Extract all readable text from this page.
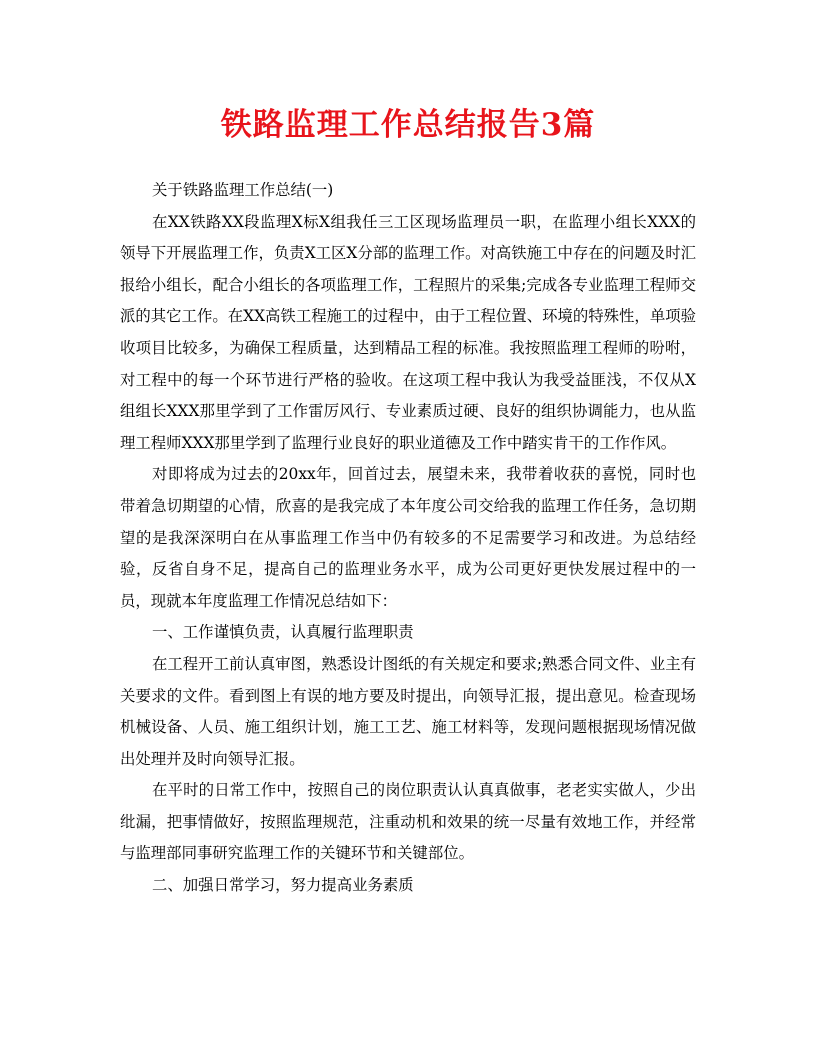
铁路监理工作总结报告3篇

关于铁路监理工作总结(一)

在XX铁路XX段监理X标X组我任三工区现场监理员一职，在监理小组长XXX的领导下开展监理工作，负责X工区X分部的监理工作。对高铁施工中存在的问题及时汇报给小组长，配合小组长的各项监理工作，工程照片的采集;完成各专业监理工程师交派的其它工作。在XX高铁工程施工的过程中，由于工程位置、环境的特殊性，单项验收项目比较多，为确保工程质量，达到精品工程的标准。我按照监理工程师的吩咐，对工程中的每一个环节进行严格的验收。在这项工程中我认为我受益匪浅，不仅从X组组长XXX那里学到了工作雷厉风行、专业素质过硬、良好的组织协调能力，也从监理工程师XXX那里学到了监理行业良好的职业道德及工作中踏实肯干的工作作风。

对即将成为过去的20xx年，回首过去，展望未来，我带着收获的喜悦，同时也带着急切期望的心情，欣喜的是我完成了本年度公司交给我的监理工作任务，急切期望的是我深深明白在从事监理工作当中仍有较多的不足需要学习和改进。为总结经验，反省自身不足，提高自己的监理业务水平，成为公司更好更快发展过程中的一员，现就本年度监理工作情况总结如下：

一、工作谨慎负责，认真履行监理职责

在工程开工前认真审图，熟悉设计图纸的有关规定和要求;熟悉合同文件、业主有关要求的文件。看到图上有误的地方要及时提出，向领导汇报，提出意见。检查现场机械设备、人员、施工组织计划，施工工艺、施工材料等，发现问题根据现场情况做出处理并及时向领导汇报。

在平时的日常工作中，按照自己的岗位职责认认真真做事，老老实实做人，少出纰漏，把事情做好，按照监理规范，注重动机和效果的统一尽量有效地工作，并经常与监理部同事研究监理工作的关键环节和关键部位。

二、加强日常学习，努力提高业务素质
